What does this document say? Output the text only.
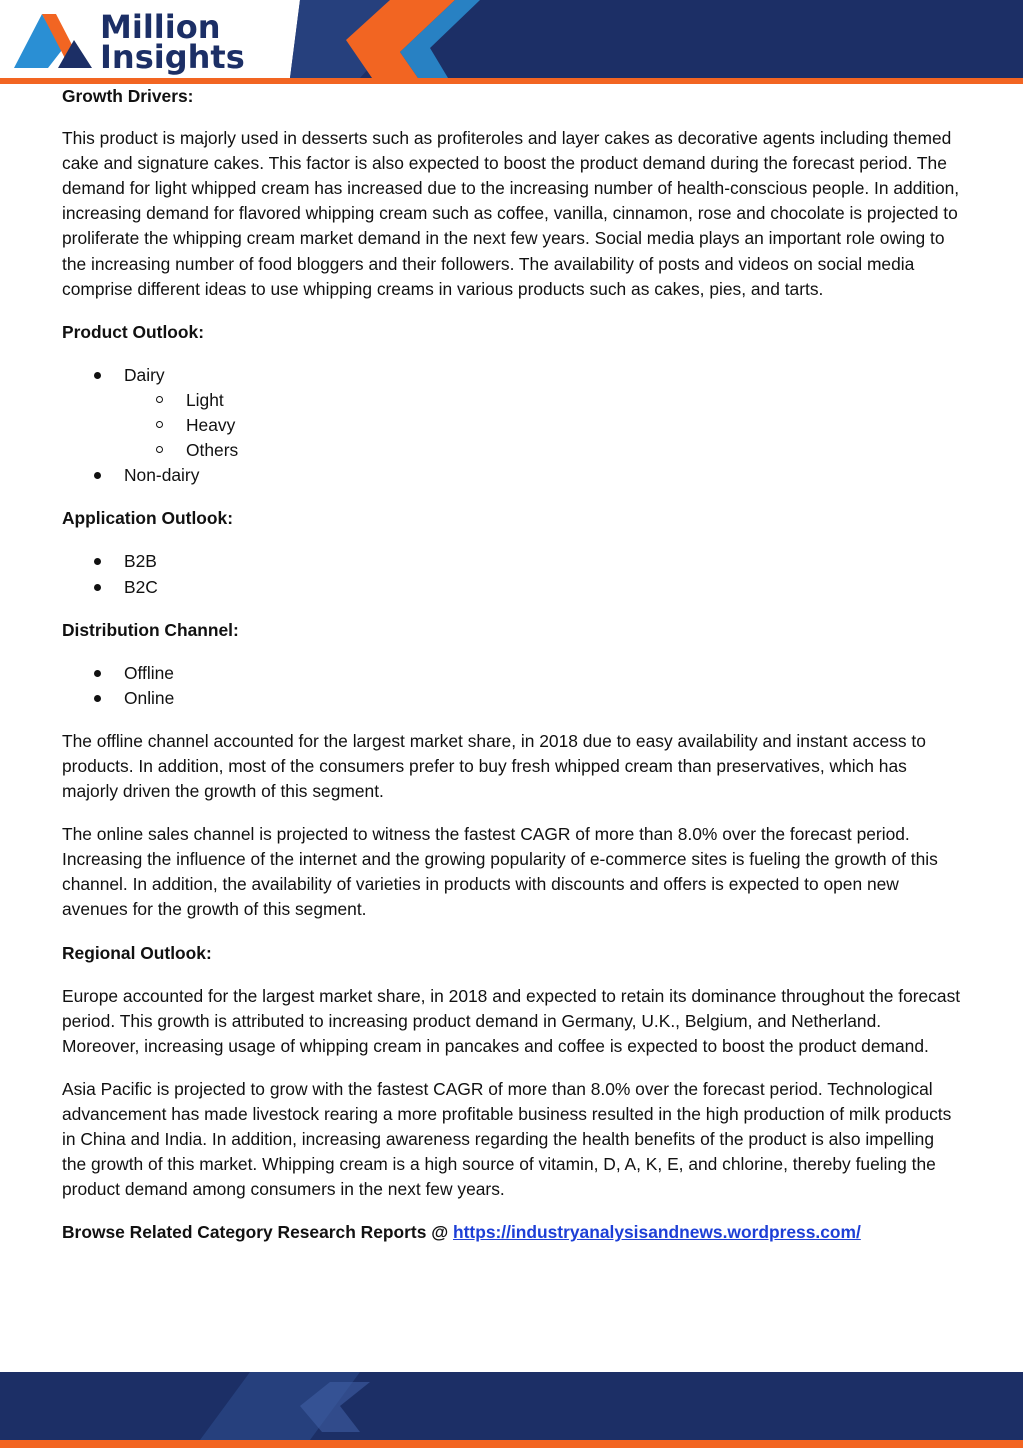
Million
Insights
Growth Drivers:

This product is majorly used in desserts such as profiteroles and layer cakes as decorative agents including themed cake and signature cakes. This factor is also expected to boost the product demand during the forecast period. The demand for light whipped cream has increased due to the increasing number of health-conscious people. In addition, increasing demand for flavored whipping cream such as coffee, vanilla, cinnamon, rose and chocolate is projected to proliferate the whipping cream market demand in the next few years. Social media plays an important role owing to the increasing number of food bloggers and their followers. The availability of posts and videos on social media comprise different ideas to use whipping creams in various products such as cakes, pies, and tarts.

Product Outlook:
Dairy
Light
Heavy
Others
Non-dairy
Application Outlook:
B2B
B2C
Distribution Channel:
Offline
Online

The offline channel accounted for the largest market share, in 2018 due to easy availability and instant access to products. In addition, most of the consumers prefer to buy fresh whipped cream than preservatives, which has majorly driven the growth of this segment.

The online sales channel is projected to witness the fastest CAGR of more than 8.0% over the forecast period. Increasing the influence of the internet and the growing popularity of e-commerce sites is fueling the growth of this channel. In addition, the availability of varieties in products with discounts and offers is expected to open new avenues for the growth of this segment.

Regional Outlook:

Europe accounted for the largest market share, in 2018 and expected to retain its dominance throughout the forecast period. This growth is attributed to increasing product demand in Germany, U.K., Belgium, and Netherland. Moreover, increasing usage of whipping cream in pancakes and coffee is expected to boost the product demand.

Asia Pacific is projected to grow with the fastest CAGR of more than 8.0% over the forecast period. Technological advancement has made livestock rearing a more profitable business resulted in the high production of milk products in China and India. In addition, increasing awareness regarding the health benefits of the product is also impelling the growth of this market. Whipping cream is a high source of vitamin, D, A, K, E, and chlorine, thereby fueling the product demand among consumers in the next few years.

Browse Related Category Research Reports @ https://industryanalysisandnews.wordpress.com/
